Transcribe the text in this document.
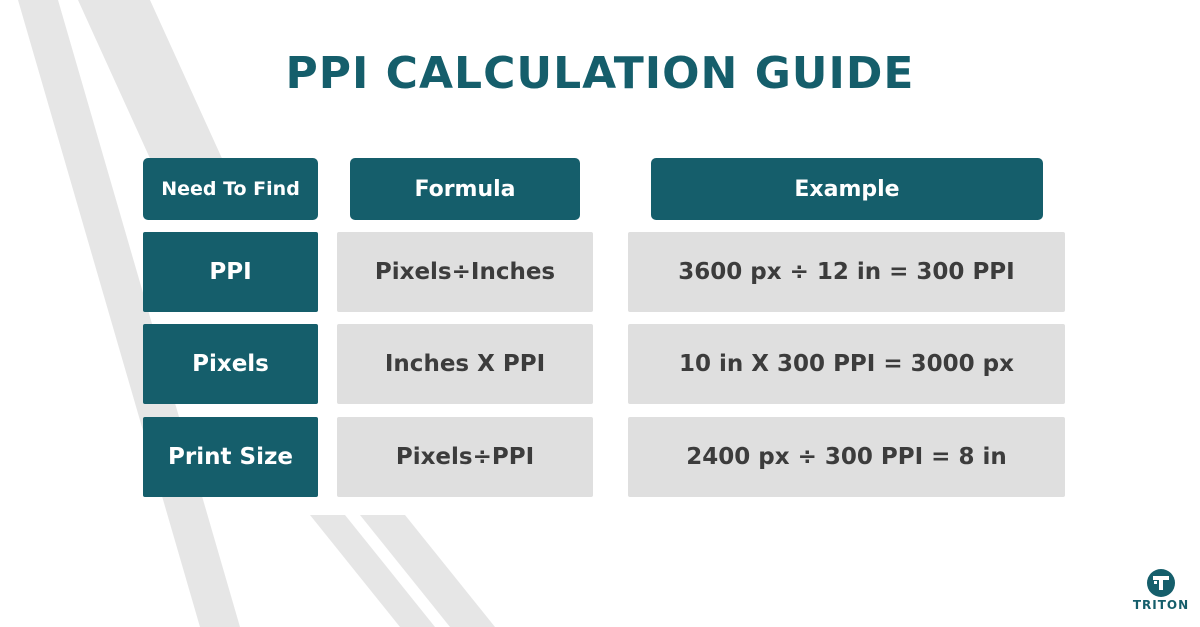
PPI CALCULATION GUIDE
Need To Find	Formula	Example
PPI	Pixels÷Inches	3600 px ÷ 12 in = 300 PPI
Pixels	Inches X PPI	10 in X 300 PPI = 3000 px
Print Size	Pixels÷PPI	2400 px ÷ 300 PPI = 8 in
TRITON
